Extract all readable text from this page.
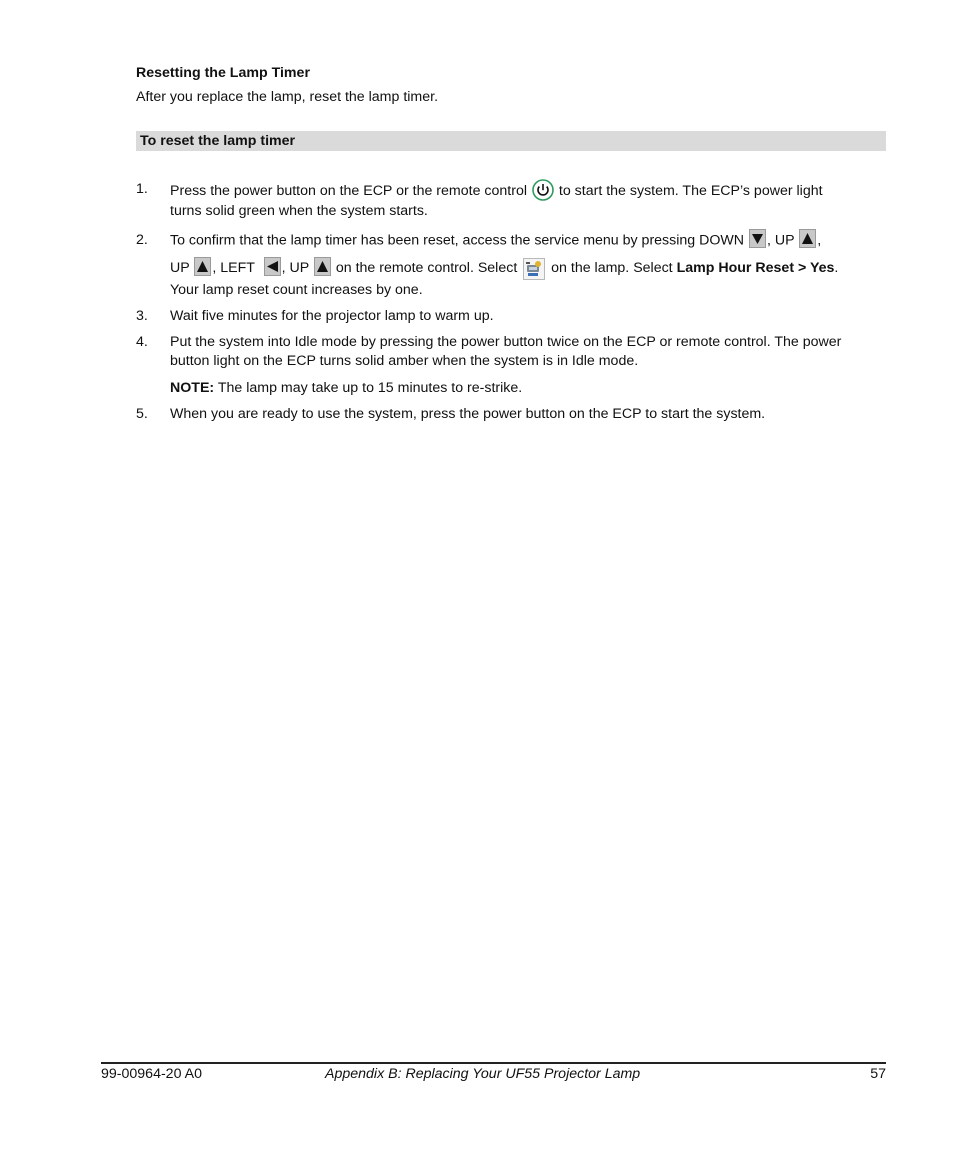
Resetting the Lamp Timer
After you replace the lamp, reset the lamp timer.
To reset the lamp timer
1. Press the power button on the ECP or the remote control to start the system. The ECP’s power light
turns solid green when the system starts.
2. To confirm that the lamp timer has been reset, access the service menu by pressing DOWN , UP ,
UP , LEFT , UP on the remote control. Select on the lamp. Select Lamp Hour Reset > Yes.
Your lamp reset count increases by one.
3. Wait five minutes for the projector lamp to warm up.
4. Put the system into Idle mode by pressing the power button twice on the ECP or remote control. The power
button light on the ECP turns solid amber when the system is in Idle mode.
NOTE: The lamp may take up to 15 minutes to re-strike.
5. When you are ready to use the system, press the power button on the ECP to start the system.
99-00964-20 A0	Appendix B: Replacing Your UF55 Projector Lamp	57
